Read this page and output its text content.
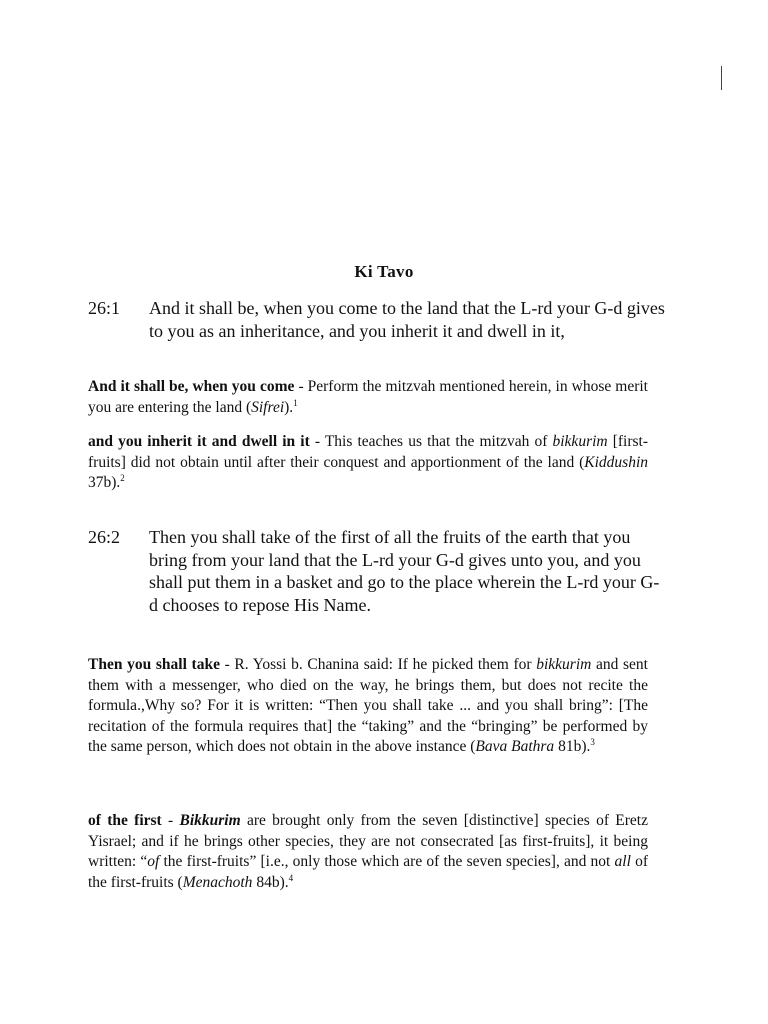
Ki Tavo
26:1 And it shall be, when you come to the land that the L-rd your G-d gives to you as an inheritance, and you inherit it and dwell in it,
And it shall be, when you come - Perform the mitzvah mentioned herein, in whose merit you are entering the land (Sifrei).$^1$
and you inherit it and dwell in it - This teaches us that the mitzvah of bikkurim [first-fruits] did not obtain until after their conquest and apportionment of the land (Kiddushin 37b).$^2$
26:2 Then you shall take of the first of all the fruits of the earth that you bring from your land that the L-rd your G-d gives unto you, and you shall put them in a basket and go to the place wherein the L-rd your G-d chooses to repose His Name.
Then you shall take - R. Yossi b. Chanina said: If he picked them for bikkurim and sent them with a messenger, who died on the way, he brings them, but does not recite the formula.,Why so? For it is written: “Then you shall take ... and you shall bring”: [The recitation of the formula requires that] the “taking” and the “bringing” be performed by the same person, which does not obtain in the above instance (Bava Bathra 81b).$^3$
of the first - Bikkurim are brought only from the seven [distinctive] species of Eretz Yisrael; and if he brings other species, they are not consecrated [as first-fruits], it being written: “of the first-fruits” [i.e., only those which are of the seven species], and not all of the first-fruits (Menachoth 84b).$^4$
